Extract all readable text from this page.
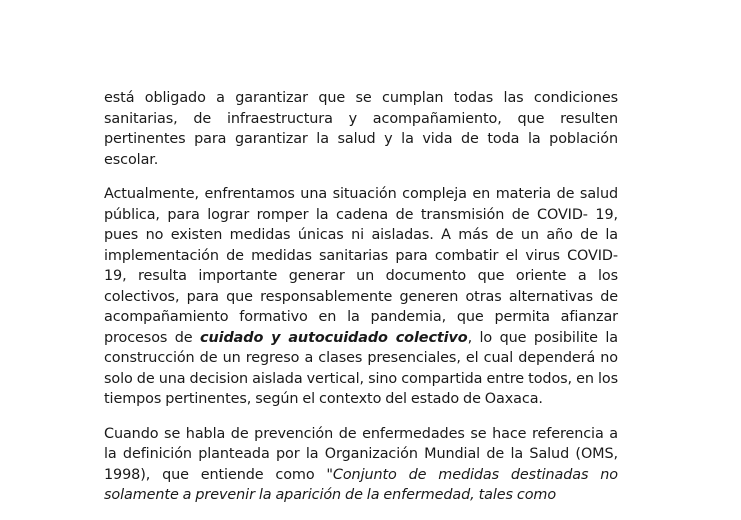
está obligado a garantizar que se cumplan todas las condiciones sanitarias, de infraestructura y acompañamiento, que resulten pertinentes para garantizar la salud y la vida de toda la población escolar.

Actualmente, enfrentamos una situación compleja en materia de salud pública, para lograr romper la cadena de transmisión de COVID- 19, pues no existen medidas únicas ni aisladas. A más de un año de la implementación de medidas sanitarias para combatir el virus COVID- 19, resulta importante generar un documento que oriente a los colectivos, para que responsablemente generen otras alternativas de acompañamiento formativo en la pandemia, que permita afianzar procesos de cuidado y autocuidado colectivo, lo que posibilite la construcción de un regreso a clases presenciales, el cual dependerá no solo de una decision aislada vertical, sino compartida entre todos, en los tiempos pertinentes, según el contexto del estado de Oaxaca.

Cuando se habla de prevención de enfermedades se hace referencia a la definición planteada por la Organización Mundial de la Salud (OMS, 1998), que entiende como "Conjunto de medidas destinadas no solamente a prevenir la aparición de la enfermedad, tales como
